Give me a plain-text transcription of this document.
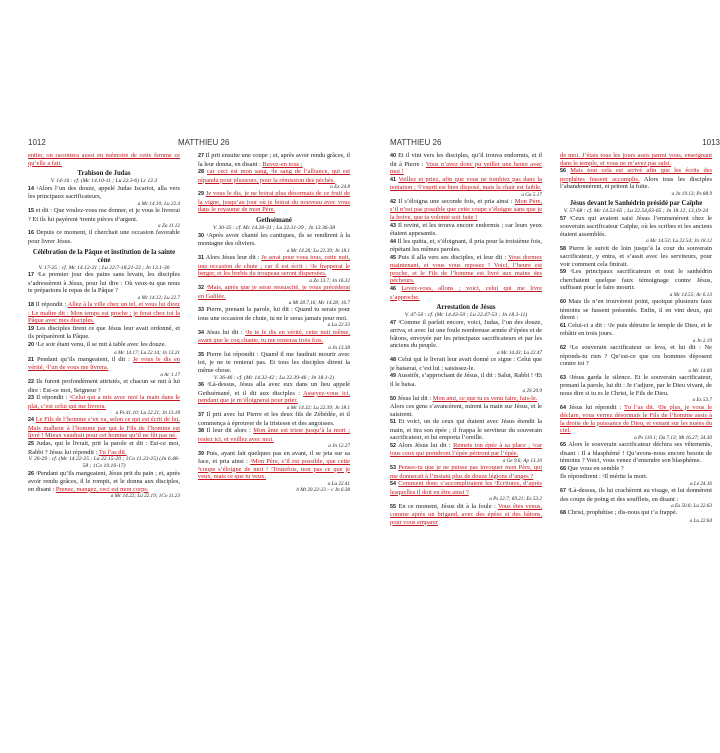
1012	MATTHIEU 26
entier, on racontera aussi en mémoire de cette femme ce qu’elle a fait.
Trahison de Judas
V. 14-16 : cf. (Mc 14.10-11 ; Lu 22.3-6) Lc 12.3
14 ᵃAlors l’un des douze, appelé Judas Iscariot, alla vers les principaux sacrificateurs,
a Mc 14.10; Lu 22.4
15 et dit : Que voulez-vous me donner, et je vous le livrerai ? Et ils lui payèrent ᵃtrente pièces d’argent.
a Za 11.12
16 Depuis ce moment, il cherchait une occasion favorable pour livrer Jésus.
Célébration de la Pâque et institution de la sainte cène
V. 17-25 : cf. Mc 14.12-21 ; Lu 22.7-18,21-23 ; Jn 13.1-30
17 ᵃLe premier jour des pains sans levain, les disciples s’adressèrent à Jésus, pour lui dire : Où veux-tu que nous te préparions le repas de la Pâque ?
a Mc 14.12; Lu 22.7
18 Il répondit : Allez à la ville chez un tel, et vous lui direz : Le maître dit : Mon temps est proche ; je ferai chez toi la Pâque avec mes disciples.
19 Les disciples firent ce que Jésus leur avait ordonné, et ils préparèrent la Pâque.
20 ᵃLe soir étant venu, il se mit à table avec les douze.
a Mc 14.17; Lu 22.14; Jn 13.21
21 Pendant qu’ils mangeaient, il dit : Je vous le dis en vérité, ᵃl’un de vous me livrera.
a Ac 1.17
22 Ils furent profondément attristés, et chacun se mit à lui dire : Est-ce moi, Seigneur ?
23 Il répondit : ᵃCelui qui a mis avec moi la main dans le plat, c’est celui qui me livrera.
a Ps 41.10; Lu 22.21; Jn 13.18
24 Le Fils de l’homme s’en va, selon ce qui est écrit de lui. Mais malheur à l’homme par qui le Fils de l’homme est livré ! Mieux vaudrait pour cet homme qu’il ne fût pas né.
25 Judas, qui le livrait, prit la parole et dit : Est-ce moi, Rabbi ? Jésus lui répondit : Tu l’as dit.
V. 26-29 : cf. (Mc 14.22-25 ; Lu 22.15-20 ; 1Co 11.23-25) (Jn 6.48-58 ; 1Co 10.16-17)
26 ᵃPendant qu’ils mangeaient, Jésus prit du pain ; et, après avoir rendu grâces, il le rompit, et le donna aux disciples, en disant : Prenez, mangez, ceci est mon corps.
a Mc 14.22; Lu 22.19; 1Co 11.23
27 Il prit ensuite une coupe ; et, après avoir rendu grâces, il la leur donna, en disant : Buvez-en tous ;
28 car ceci est mon sang, ᵃle sang de l’alliance, qui est répandu pour plusieurs, pour la rémission des péchés.
a Ex 24.8
29 Je vous le dis, je ne boirai plus désormais de ce fruit de la vigne, jusqu’au jour où je boirai du nouveau avec vous dans le royaume de mon Père.
Gethsémané
V. 30-35 : cf. Mc 14.26-31 ; Lu 22.31-39 ; Jn 13.36-38
30 ᵃAprès avoir chanté les cantiques, ils se rendirent à la montagne des oliviers.
a Mc 14.26; Lu 22.39; Jn 18.1
31 Alors Jésus leur dit : Je serai pour vous tous, cette nuit, une occasion de chute ; car il est écrit : ᵃJe frapperai le berger, et les brebis du troupeau seront dispersées.
a Za 13.7; Jn 16.32
32 ᵃMais, après que je serai ressuscité, je vous précéderai en Galilée.
a Mt 28.7,16; Mc 14.28; 16.7
33 Pierre, prenant la parole, lui dit : Quand tu serais pour tous une occasion de chute, tu ne le seras jamais pour moi.
a Lu 22.33
34 Jésus lui dit : ᵃJe te le dis en vérité, cette nuit même, avant que le coq chante, tu me renieras trois fois.
a Jn 13.38
35 Pierre lui répondit : Quand il me faudrait mourir avec toi, je ne te renierai pas. Et tous les disciples dirent la même chose.
V. 36-46 : cf. (Mc 14.32-42 ; Lu 22.39-46 ; Jn 18.1-2)
36 ᵃLà-dessus, Jésus alla avec eux dans un lieu appelé Gethsémané, et il dit aux disciples : Asseyez-vous ici, pendant que je m’éloignerai pour prier.
a Mc 14.32; Lu 22.39; Jn 18.1
37 Il prit avec lui Pierre et les deux fils de Zébédée, et il commença à éprouver de la tristesse et des angoisses.
38 Il leur dit alors : Mon âme est triste jusqu’à la mort ; restez ici, et veillez avec moi.
a Jn 12.27
39 Puis, ayant fait quelques pas en avant, il se jeta sur sa face, et pria ainsi : ᵃMon Père, s’il est possible, que cette ᵇcoupe s’éloigne de moi ! ᶜToutefois, non pas ce que je veux, mais ce que tu veux.
a Lu 22.41
b Mt 20.22-23 – c Jn 6.38
MATTHIEU 26	1013
40 Et il vint vers les disciples, qu’il trouva endormis, et il dit à Pierre : Vous n’avez donc pu veiller une heure avec moi !
41 Veillez et priez, afin que vous ne tombiez pas dans la tentation ; ᵃl’esprit est bien disposé, mais la chair est faible.
a Ga 5.17
42 Il s’éloigna une seconde fois, et pria ainsi : Mon Père, s’il n’est pas possible que cette coupe s’éloigne sans que je la boive, que ta volonté soit faite !
43 Il revint, et les trouva encore endormis ; car leurs yeux étaient appesantis.
44 Il les quitta, et, s’éloignant, il pria pour la troisième fois, répétant les mêmes paroles.
45 Puis il alla vers ses disciples, et leur dit : Vous dormez maintenant, et vous vous reposez ! Voici, l’heure est proche, et le Fils de l’homme est livré aux mains des pécheurs.
46 Levez-vous, allons ; voici, celui qui me livre s’approche.
Arrestation de Jésus
V. 47-56 : cf. (Mc 14.43-50 ; Lu 22.47-53 ; Jn 18.3-11)
47 ᵃComme il parlait encore, voici, Judas, l’un des douze, arriva, et avec lui une foule nombreuse armée d’épées et de bâtons, envoyée par les principaux sacrificateurs et par les anciens du peuple.
a Mc 14.43; Lu 22.47
48 Celui qui le livrait leur avait donné ce signe : Celui que je baiserai, c’est lui ; saisissez-le.
49 Aussitôt, s’approchant de Jésus, il dit : Salut, Rabbi ! ᵃEt il le baisa.
a 2S 20.9
50 Jésus lui dit : Mon ami, ce que tu es venu faire, fais-le.
Alors ces gens s’avancèrent, mirent la main sur Jésus, et le saisirent.
51 Et voici, un de ceux qui étaient avec Jésus étendit la main, et tira son épée ; il frappa le serviteur du souverain sacrificateur, et lui emporta l’oreille.
52 Alors Jésus lui dit : Remets ton épée à sa place ; ᵃcar tous ceux qui prendront l’épée périront par l’épée.
a Ge 9.6; Ap 13.10
53 Penses-tu que je ne puisse pas invoquer mon Père, qui me donnerait à l’instant plus de douze légions d’anges ?
54 Comment donc s’accompliraient les ᵃÉcritures, d’après lesquelles il doit en être ainsi ?
a Ps 22.7; 69.21; Es 53.2
55 En ce moment, Jésus dit à la foule : Vous êtes venus, comme après un brigand, avec des épées et des bâtons, pour vous emparer
de moi. J’étais tous les jours assis parmi vous, enseignant dans le temple, et vous ne m’avez pas saisi.
56 Mais tout cela est arrivé afin que les écrits des prophètes fussent accomplis. Alors tous les disciples l’abandonnèrent, et prirent la fuite.
a Jn 19.13; Ps 88.9
Jésus devant le Sanhédrin présidé par Caïphe
V. 57-68 : cf. Mc 14.53-65 ; Lu 22.54,63-65 ; Jn 18.12, 13,19-24
57 ᵃCeux qui avaient saisi Jésus l’emmenèrent chez le souverain sacrificateur Caïphe, où les scribes et les anciens étaient assemblés.
a Mc 14.53; Lu 22.54; Jn 18.12
58 Pierre le suivit de loin jusqu’à la cour du souverain sacrificateur, y entra, et s’assit avec les serviteurs, pour voir comment cela finirait.
59 ᵃLes principaux sacrificateurs et tout le sanhédrin cherchaient quelque faux témoignage contre Jésus, suffisant pour le faire mourir.
a Mc 14.55; Ac 6.13
60 Mais ils n’en trouvèrent point, quoique plusieurs faux témoins se fussent présentés. Enfin, il en vint deux, qui dirent :
61 Celui-ci a dit : ᵃJe puis détruire le temple de Dieu, et le rebâtir en trois jours.
a Jn 2.19
62 ᵃLe souverain sacrificateur se leva, et lui dit : Ne réponds-tu rien ? Qu’est-ce que ces hommes déposent contre toi ?
a Mc 14.60
63 ᵃJésus garda le silence. Et le souverain sacrificateur, prenant la parole, lui dit : Je t’adjure, par le Dieu vivant, de nous dire si tu es le Christ, le Fils de Dieu.
a Es 53.7
64 Jésus lui répondit : Tu l’as dit. ᵃDe plus, je vous le déclare, vous verrez désormais le Fils de l’homme assis à la droite de la puissance de Dieu, et venant sur les nuées du ciel.
a Ps 110.1; Da 7.13; Mt 16.27; 24.30
65 Alors le souverain sacrificateur déchira ses vêtements, disant : Il a blasphémé ! Qu’avons-nous encore besoin de témoins ? Voici, vous venez d’entendre son blasphème.
66 Que vous en semble ?
Ils répondirent : ᵃIl mérite la mort.
a Lé 24.16
67 ᵃLà-dessus, ils lui crachèrent au visage, et lui donnèrent des coups de poing et des soufflets, en disant :
a Es 50.6; Lu 22.63
68 Christ, prophétise ; dis-nous qui t’a frappé.
a Lu 22.64
